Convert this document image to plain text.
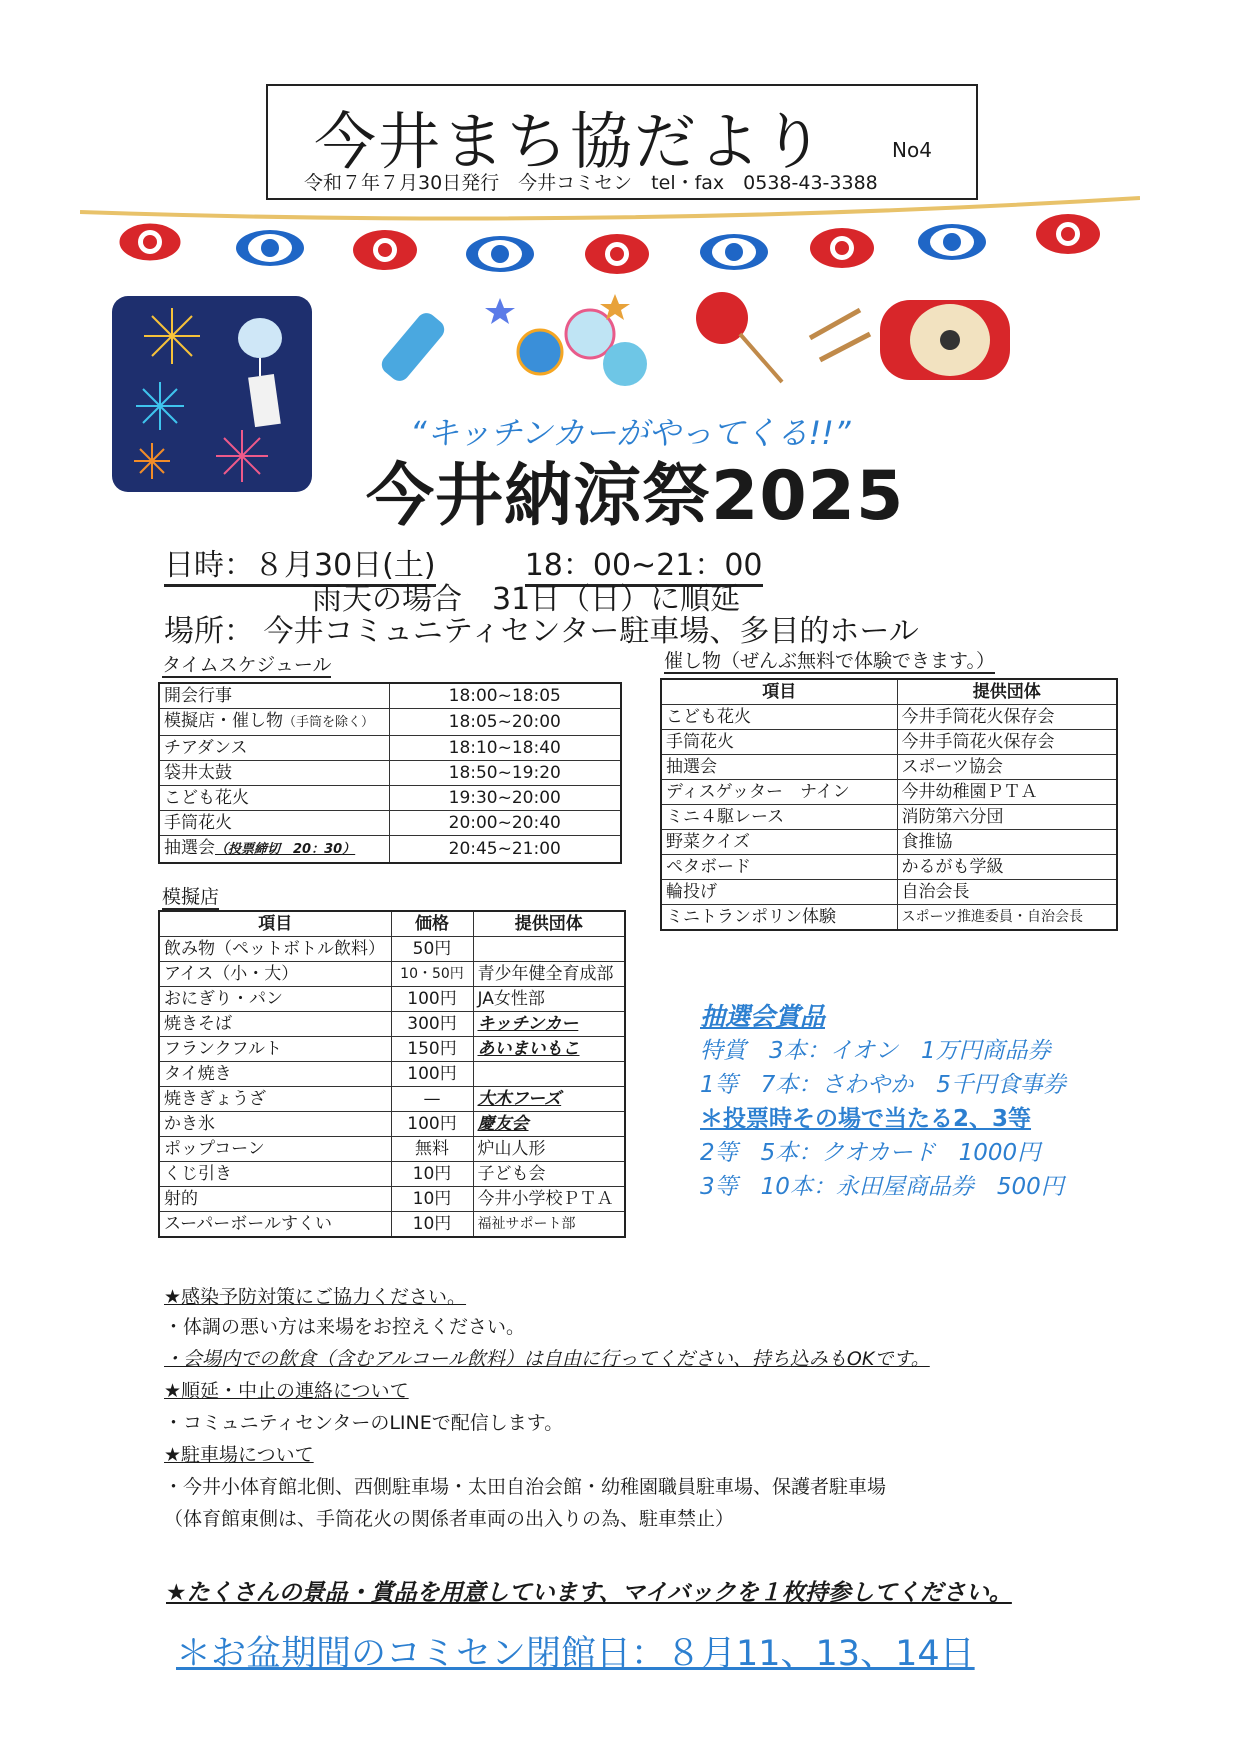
今井まち協だより	No4
令和７年７月30日発行　今井コミセン　tel・fax　0538-43-3388
“キッチンカーがやってくる!!”
今井納涼祭2025
日時：８月30日(土)	18：00~21：00
雨天の場合　31日（日）に順延
場所： 今井コミュニティセンター駐車場、多目的ホール
タイムスケジュール
開会行事	18:00~18:05
模擬店・催し物（手筒を除く）	18:05~20:00
チアダンス	18:10~18:40
袋井太鼓	18:50~19:20
こども花火	19:30~20:00
手筒花火	20:00~20:40
抽選会（投票締切　20：30）	20:45~21:00
模擬店
項目	価格	提供団体
飲み物（ペットボトル飲料）	50円	
アイス（小・大）	10・50円	青少年健全育成部
おにぎり・パン	100円	JA女性部
焼きそば	300円	キッチンカー
フランクフルト	150円	あいまいもこ
タイ焼き	100円	
焼きぎょうざ	—	大木フーズ
かき氷	100円	慶友会
ポップコーン	無料	炉山人形
くじ引き	10円	子ども会
射的	10円	今井小学校ＰＴＡ
スーパーボールすくい	10円	福祉サポート部
催し物（ぜんぶ無料で体験できます。）
項目	提供団体
こども花火	今井手筒花火保存会
手筒花火	今井手筒花火保存会
抽選会	スポーツ協会
ディスゲッター　ナイン	今井幼稚園ＰＴＡ
ミニ４駆レース	消防第六分団
野菜クイズ	食推協
ペタボード	かるがも学級
輪投げ	自治会長
ミニトランポリン体験	スポーツ推進委員・自治会長
抽選会賞品
特賞　3本：イオン　1万円商品券
1等　7本：さわやか　5千円食事券
＊投票時その場で当たる2、3等
2等　5本：クオカード　1000円
3等　10本：永田屋商品券　500円
★感染予防対策にご協力ください。
・体調の悪い方は来場をお控えください。
・会場内での飲食（含むアルコール飲料）は自由に行ってください、持ち込みもOKです。
★順延・中止の連絡について
・コミュニティセンターのLINEで配信します。
★駐車場について
・今井小体育館北側、西側駐車場・太田自治会館・幼稚園職員駐車場、保護者駐車場
（体育館東側は、手筒花火の関係者車両の出入りの為、駐車禁止）
★たくさんの景品・賞品を用意しています、マイバックを１枚持参してください。
＊お盆期間のコミセン閉館日：８月11、13、14日
